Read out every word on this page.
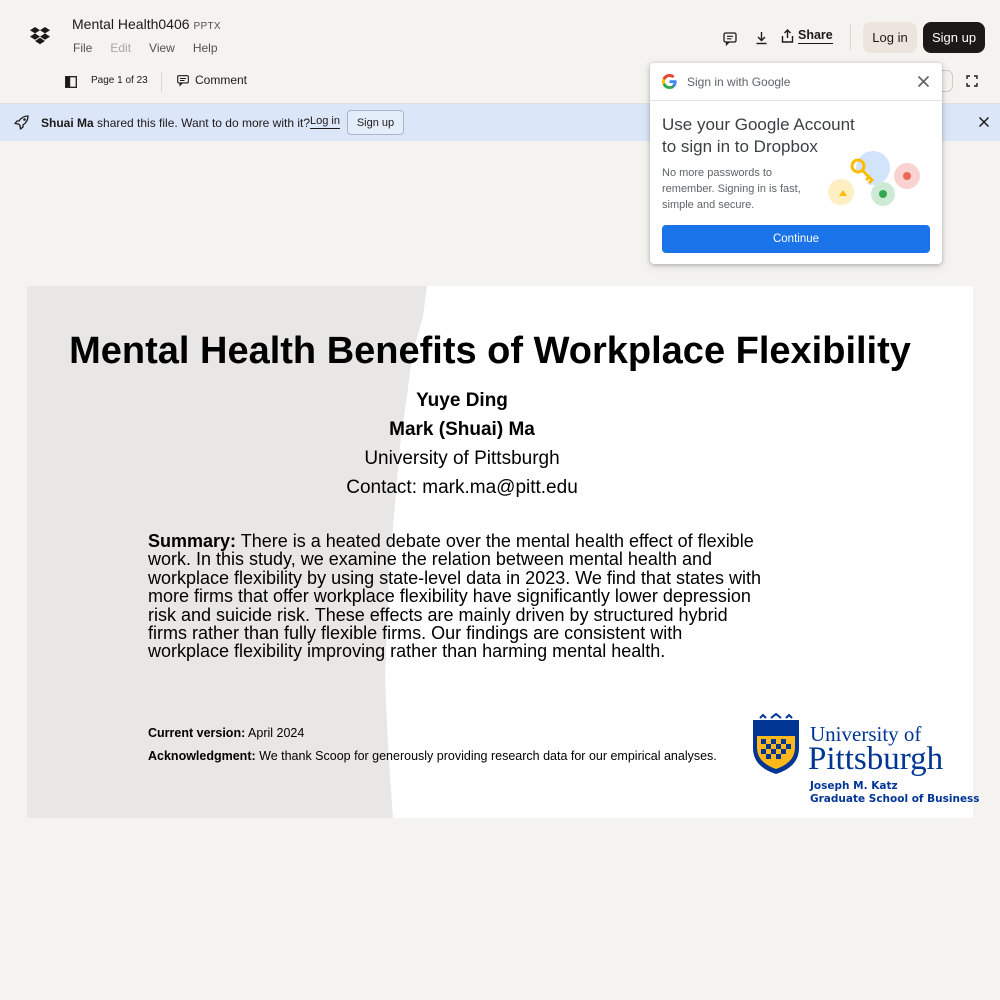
Mental Health0406 PPTX
File	Edit	View	Help
Share	Log in	Sign up
Page 1 of 23	Comment
Shuai Ma shared this file. Want to do more with it? Log in	Sign up
Mental Health Benefits of Workplace Flexibility
Yuye Ding
Mark (Shuai) Ma
University of Pittsburgh
Contact: mark.ma@pitt.edu
Summary: There is a heated debate over the mental health effect of flexible work. In this study, we examine the relation between mental health and workplace flexibility by using state-level data in 2023. We find that states with more firms that offer workplace flexibility have significantly lower depression risk and suicide risk. These effects are mainly driven by structured hybrid firms rather than fully flexible firms. Our findings are consistent with workplace flexibility improving rather than harming mental health.
Current version: April 2024
Acknowledgment: We thank Scoop for generously providing research data for our empirical analyses.
University of
Pittsburgh
Joseph M. Katz
Graduate School of Business
Sign in with Google
Use your Google Account
to sign in to Dropbox
No more passwords to remember. Signing in is fast, simple and secure.
Continue
